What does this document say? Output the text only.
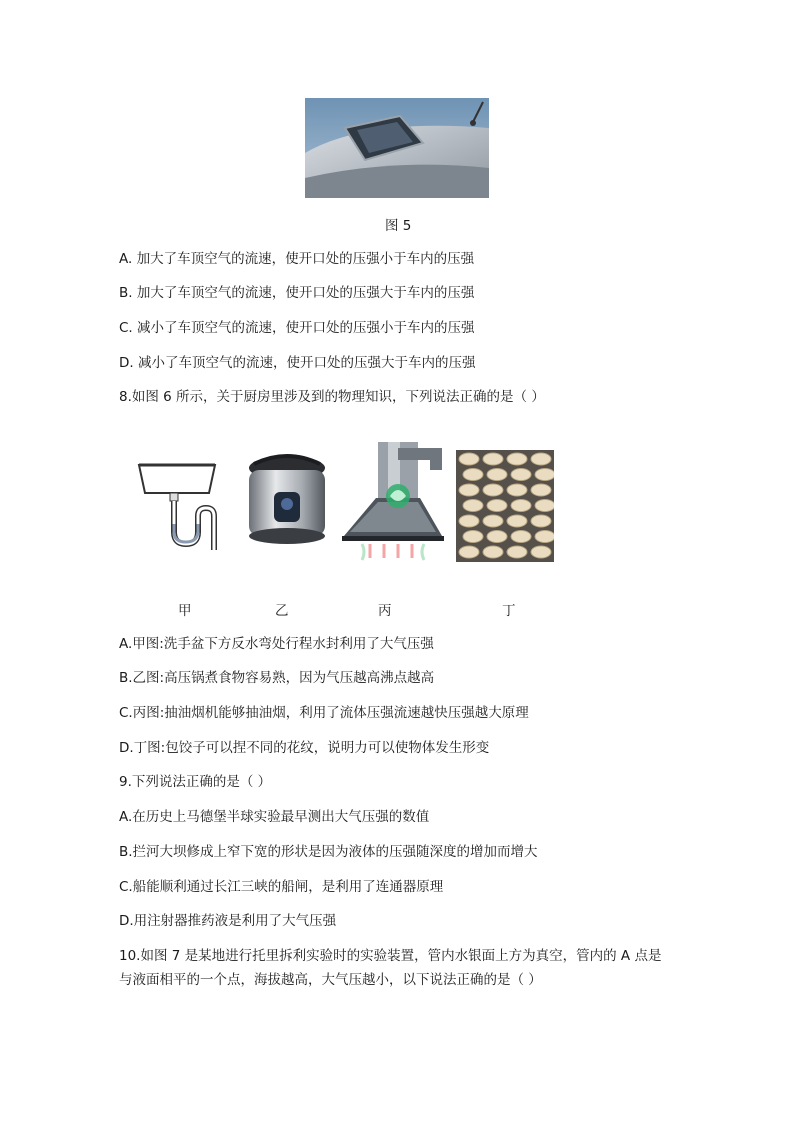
图 5
A. 加大了车顶空气的流速，使开口处的压强小于车内的压强
B. 加大了车顶空气的流速，使开口处的压强大于车内的压强
C. 减小了车顶空气的流速，使开口处的压强小于车内的压强
D. 减小了车顶空气的流速，使开口处的压强大于车内的压强
8.如图 6 所示，关于厨房里涉及到的物理知识，下列说法正确的是（ ）
甲	乙	丙	丁
A.甲图:洗手盆下方反水弯处行程水封利用了大气压强
B.乙图:高压锅煮食物容易熟，因为气压越高沸点越高
C.丙图:抽油烟机能够抽油烟，利用了流体压强流速越快压强越大原理
D.丁图:包饺子可以捏不同的花纹，说明力可以使物体发生形变
9.下列说法正确的是（ ）
A.在历史上马德堡半球实验最早测出大气压强的数值
B.拦河大坝修成上窄下宽的形状是因为液体的压强随深度的增加而增大
C.船能顺利通过长江三峡的船闸，是利用了连通器原理
D.用注射器推药液是利用了大气压强
10.如图 7 是某地进行托里拆利实验时的实验装置，管内水银面上方为真空，管内的 A 点是
与液面相平的一个点，海拔越高，大气压越小，以下说法正确的是（ ）
